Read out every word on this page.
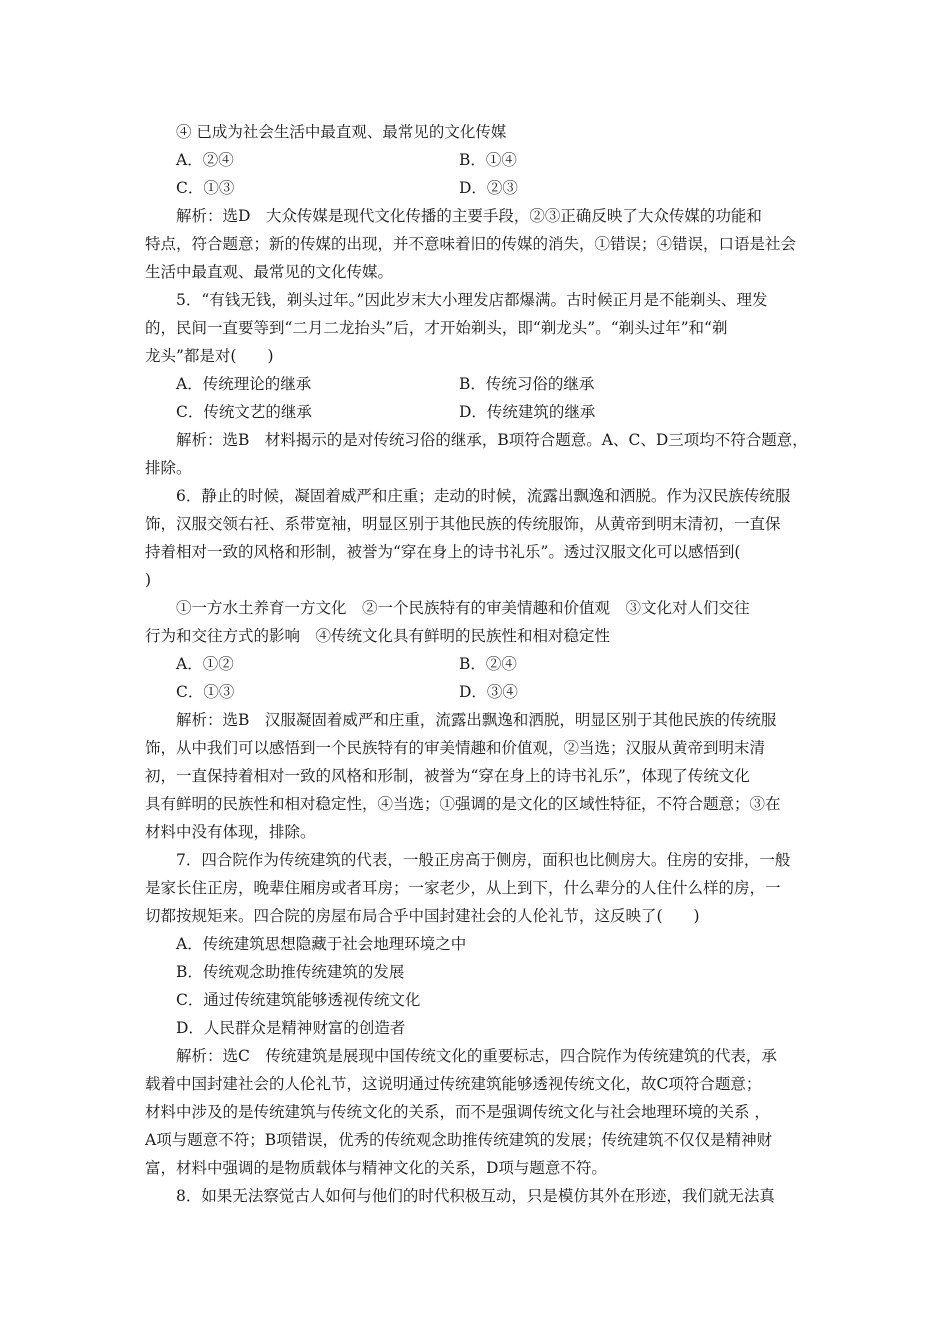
④ 已成为社会生活中最直观、最常见的文化传媒
A．②④	B．①④
C．①③	D．②③
解析：选D　大众传媒是现代文化传播的主要手段，②③正确反映了大众传媒的功能和
特点，符合题意；新的传媒的出现，并不意味着旧的传媒的消失，①错误；④错误，口语是社会
生活中最直观、最常见的文化传媒。
5．“有钱无钱，剃头过年。”因此岁末大小理发店都爆满。古时候正月是不能剃头、理发
的，民间一直要等到“二月二龙抬头”后，才开始剃头，即“剃龙头”。“剃头过年”和“剃
龙头”都是对(　　)
A．传统理论的继承	B．传统习俗的继承
C．传统文艺的继承	D．传统建筑的继承
解析：选B　材料揭示的是对传统习俗的继承，B项符合题意。A、C、D三项均不符合题意，
排除。
6．静止的时候，凝固着威严和庄重；走动的时候，流露出飘逸和洒脱。作为汉民族传统服
饰，汉服交领右衽、系带宽袖，明显区别于其他民族的传统服饰，从黄帝到明末清初，一直保
持着相对一致的风格和形制，被誉为“穿在身上的诗书礼乐”。透过汉服文化可以感悟到(
)
①一方水土养育一方文化　②一个民族特有的审美情趣和价值观　③文化对人们交往
行为和交往方式的影响　④传统文化具有鲜明的民族性和相对稳定性
A．①②	B．②④
C．①③	D．③④
解析：选B　汉服凝固着威严和庄重，流露出飘逸和洒脱，明显区别于其他民族的传统服
饰，从中我们可以感悟到一个民族特有的审美情趣和价值观，②当选；汉服从黄帝到明末清
初，一直保持着相对一致的风格和形制，被誉为“穿在身上的诗书礼乐”，体现了传统文化
具有鲜明的民族性和相对稳定性，④当选；①强调的是文化的区域性特征，不符合题意；③在
材料中没有体现，排除。
7．四合院作为传统建筑的代表，一般正房高于侧房，面积也比侧房大。住房的安排，一般
是家长住正房，晚辈住厢房或者耳房；一家老少，从上到下，什么辈分的人住什么样的房，一
切都按规矩来。四合院的房屋布局合乎中国封建社会的人伦礼节，这反映了(　　)
A．传统建筑思想隐藏于社会地理环境之中
B．传统观念助推传统建筑的发展
C．通过传统建筑能够透视传统文化
D．人民群众是精神财富的创造者
解析：选C　传统建筑是展现中国传统文化的重要标志，四合院作为传统建筑的代表，承
载着中国封建社会的人伦礼节，这说明通过传统建筑能够透视传统文化，故C项符合题意；
材料中涉及的是传统建筑与传统文化的关系，而不是强调传统文化与社会地理环境的关系 ，
A项与题意不符；B项错误，优秀的传统观念助推传统建筑的发展；传统建筑不仅仅是精神财
富，材料中强调的是物质载体与精神文化的关系，D项与题意不符。
8．如果无法察觉古人如何与他们的时代积极互动，只是模仿其外在形迹，我们就无法真
